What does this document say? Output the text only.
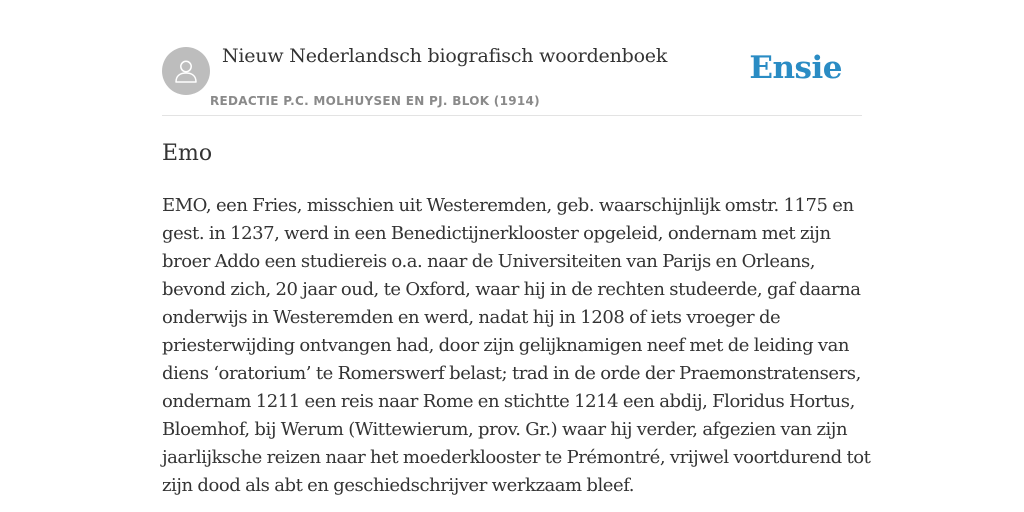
Nieuw Nederlandsch biografisch woordenboek
REDACTIE P.C. MOLHUYSEN EN PJ. BLOK (1914)
Ensie
Emo

EMO, een Fries, misschien uit Westeremden, geb. waarschijnlijk omstr. 1175 en gest. in 1237, werd in een Benedictijnerklooster opgeleid, ondernam met zijn broer Addo een studiereis o.a. naar de Universiteiten van Parijs en Orleans, bevond zich, 20 jaar oud, te Oxford, waar hij in de rechten studeerde, gaf daarna onderwijs in Westeremden en werd, nadat hij in 1208 of iets vroeger de priesterwijding ontvangen had, door zijn gelijknamigen neef met de leiding van diens ‘oratorium’ te Romerswerf belast; trad in de orde der Praemonstratensers, ondernam 1211 een reis naar Rome en stichtte 1214 een abdij, Floridus Hortus, Bloemhof, bij Werum (Wittewierum, prov. Gr.) waar hij verder, afgezien van zijn jaarlijksche reizen naar het moederklooster te Prémontré, vrijwel voortdurend tot zijn dood als abt en geschiedschrijver werkzaam bleef.
